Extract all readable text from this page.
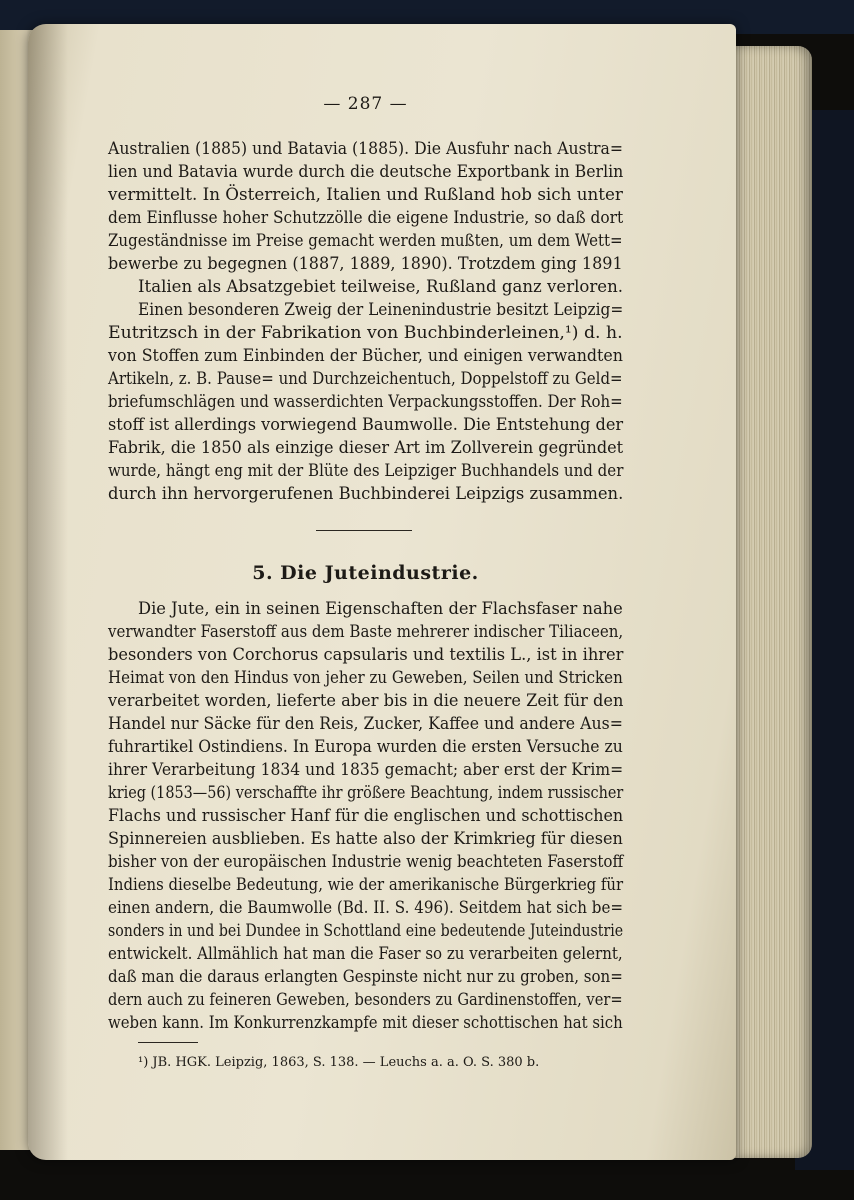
— 287 —
Australien (1885) und Batavia (1885). Die Ausfuhr nach Austra=
lien und Batavia wurde durch die deutsche Exportbank in Berlin
vermittelt. In Österreich, Italien und Rußland hob sich unter
dem Einflusse hoher Schutzzölle die eigene Industrie, so daß dort
Zugeständnisse im Preise gemacht werden mußten, um dem Wett=
bewerbe zu begegnen (1887, 1889, 1890). Trotzdem ging 1891
Italien als Absatzgebiet teilweise, Rußland ganz verloren.
Einen besonderen Zweig der Leinenindustrie besitzt Leipzig=
Eutritzsch in der Fabrikation von Buchbinderleinen,¹) d. h.
von Stoffen zum Einbinden der Bücher, und einigen verwandten
Artikeln, z. B. Pause= und Durchzeichentuch, Doppelstoff zu Geld=
briefumschlägen und wasserdichten Verpackungsstoffen. Der Roh=
stoff ist allerdings vorwiegend Baumwolle. Die Entstehung der
Fabrik, die 1850 als einzige dieser Art im Zollverein gegründet
wurde, hängt eng mit der Blüte des Leipziger Buchhandels und der
durch ihn hervorgerufenen Buchbinderei Leipzigs zusammen.
5. Die Juteindustrie.
Die Jute, ein in seinen Eigenschaften der Flachsfaser nahe
verwandter Faserstoff aus dem Baste mehrerer indischer Tiliaceen,
besonders von Corchorus capsularis und textilis L., ist in ihrer
Heimat von den Hindus von jeher zu Geweben, Seilen und Stricken
verarbeitet worden, lieferte aber bis in die neuere Zeit für den
Handel nur Säcke für den Reis, Zucker, Kaffee und andere Aus=
fuhrartikel Ostindiens. In Europa wurden die ersten Versuche zu
ihrer Verarbeitung 1834 und 1835 gemacht; aber erst der Krim=
krieg (1853—56) verschaffte ihr größere Beachtung, indem russischer
Flachs und russischer Hanf für die englischen und schottischen
Spinnereien ausblieben. Es hatte also der Krimkrieg für diesen
bisher von der europäischen Industrie wenig beachteten Faserstoff
Indiens dieselbe Bedeutung, wie der amerikanische Bürgerkrieg für
einen andern, die Baumwolle (Bd. II. S. 496). Seitdem hat sich be=
sonders in und bei Dundee in Schottland eine bedeutende Juteindustrie
entwickelt. Allmählich hat man die Faser so zu verarbeiten gelernt,
daß man die daraus erlangten Gespinste nicht nur zu groben, son=
dern auch zu feineren Geweben, besonders zu Gardinenstoffen, ver=
weben kann. Im Konkurrenzkampfe mit dieser schottischen hat sich
¹) JB. HGK. Leipzig, 1863, S. 138. — Leuchs a. a. O. S. 380 b.
